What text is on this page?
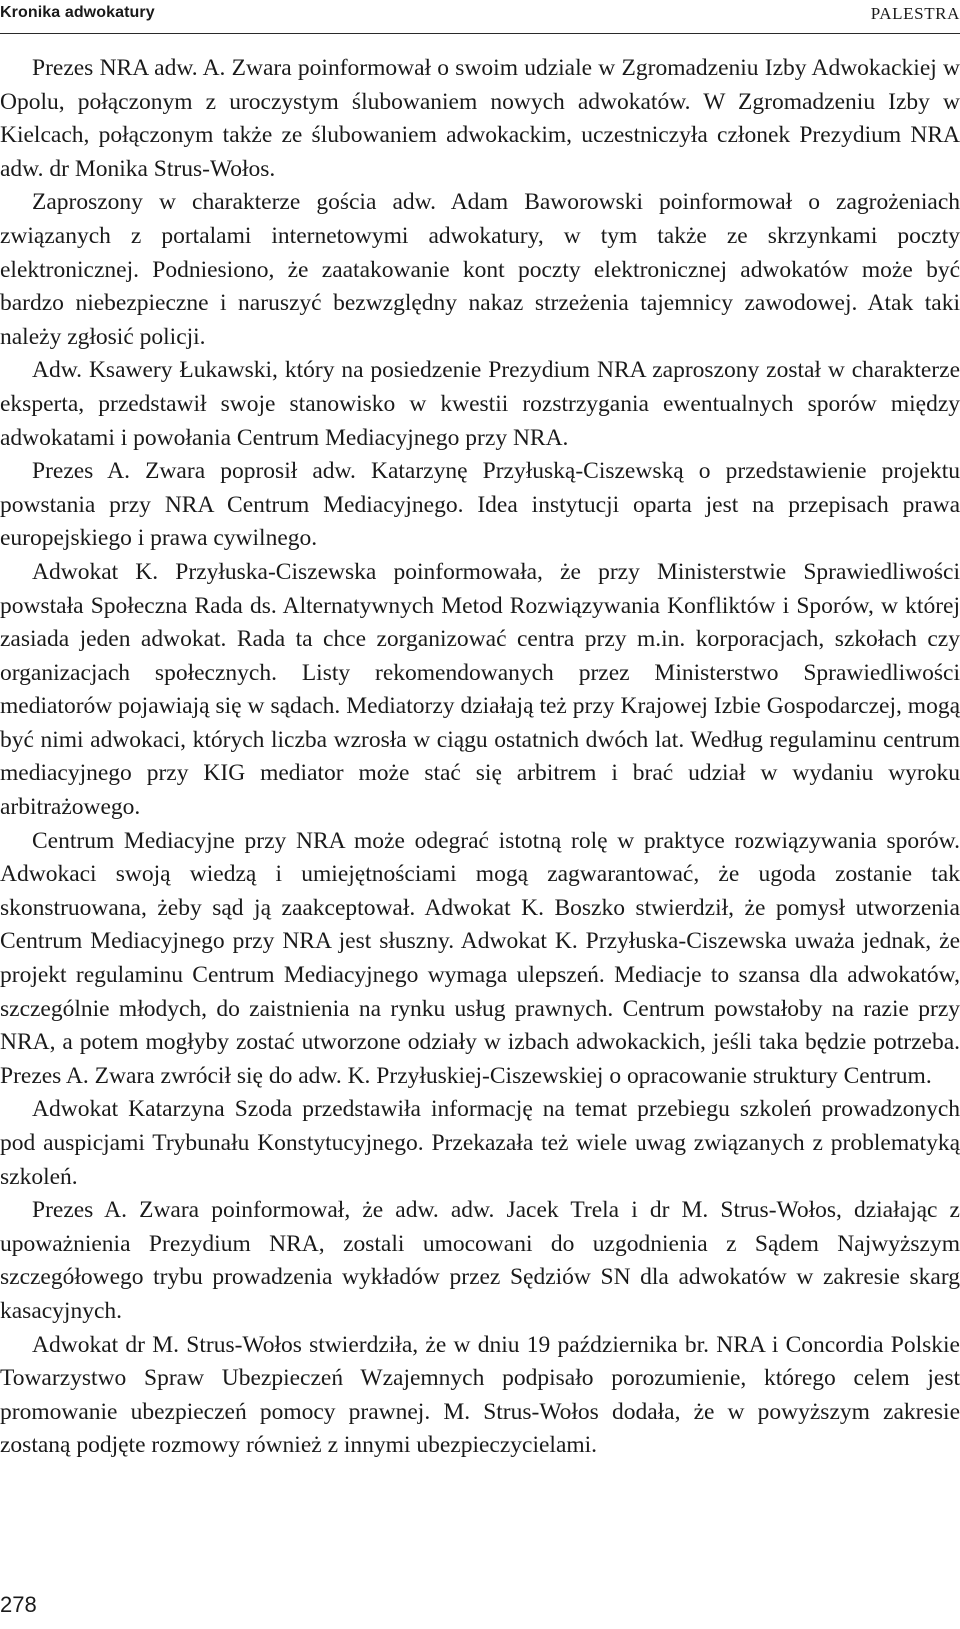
Kronika adwokatury	PALESTRA

Prezes NRA adw. A. Zwara poinformował o swoim udziale w Zgromadzeniu Izby Adwokackiej w Opolu, połączonym z uroczystym ślubowaniem nowych adwokatów. W Zgromadzeniu Izby w Kielcach, połączonym także ze ślubowaniem adwokackim, uczestniczyła członek Prezydium NRA adw. dr Monika Strus-Wołos.

Zaproszony w charakterze gościa adw. Adam Baworowski poinformował o zagrożeniach związanych z portalami internetowymi adwokatury, w tym także ze skrzynkami poczty elektronicznej. Podniesiono, że zaatakowanie kont poczty elektronicznej adwokatów może być bardzo niebezpieczne i naruszyć bezwzględny nakaz strzeżenia tajemnicy zawodowej. Atak taki należy zgłosić policji.

Adw. Ksawery Łukawski, który na posiedzenie Prezydium NRA zaproszony został w charakterze eksperta, przedstawił swoje stanowisko w kwestii rozstrzygania ewentualnych sporów między adwokatami i powołania Centrum Mediacyjnego przy NRA.

Prezes A. Zwara poprosił adw. Katarzynę Przyłuską-Ciszewską o przedstawienie projektu powstania przy NRA Centrum Mediacyjnego. Idea instytucji oparta jest na przepisach prawa europejskiego i prawa cywilnego.

Adwokat K. Przyłuska-Ciszewska poinformowała, że przy Ministerstwie Sprawiedliwości powstała Społeczna Rada ds. Alternatywnych Metod Rozwiązywania Konfliktów i Sporów, w której zasiada jeden adwokat. Rada ta chce zorganizować centra przy m.in. korporacjach, szkołach czy organizacjach społecznych. Listy rekomendowanych przez Ministerstwo Sprawiedliwości mediatorów pojawiają się w sądach. Mediatorzy działają też przy Krajowej Izbie Gospodarczej, mogą być nimi adwokaci, których liczba wzrosła w ciągu ostatnich dwóch lat. Według regulaminu centrum mediacyjnego przy KIG mediator może stać się arbitrem i brać udział w wydaniu wyroku arbitrażowego.

Centrum Mediacyjne przy NRA może odegrać istotną rolę w praktyce rozwiązywania sporów. Adwokaci swoją wiedzą i umiejętnościami mogą zagwarantować, że ugoda zostanie tak skonstruowana, żeby sąd ją zaakceptował. Adwokat K. Boszko stwierdził, że pomysł utworzenia Centrum Mediacyjnego przy NRA jest słuszny. Adwokat K. Przyłuska-Ciszewska uważa jednak, że projekt regulaminu Centrum Mediacyjnego wymaga ulepszeń. Mediacje to szansa dla adwokatów, szczególnie młodych, do zaistnienia na rynku usług prawnych. Centrum powstałoby na razie przy NRA, a potem mogłyby zostać utworzone odziały w izbach adwokackich, jeśli taka będzie potrzeba. Prezes A. Zwara zwrócił się do adw. K. Przyłuskiej-Ciszewskiej o opracowanie struktury Centrum.

Adwokat Katarzyna Szoda przedstawiła informację na temat przebiegu szkoleń prowadzonych pod auspicjami Trybunału Konstytucyjnego. Przekazała też wiele uwag związanych z problematyką szkoleń.

Prezes A. Zwara poinformował, że adw. adw. Jacek Trela i dr M. Strus-Wołos, działając z upoważnienia Prezydium NRA, zostali umocowani do uzgodnienia z Sądem Najwyższym szczegółowego trybu prowadzenia wykładów przez Sędziów SN dla adwokatów w zakresie skarg kasacyjnych.

Adwokat dr M. Strus-Wołos stwierdziła, że w dniu 19 października br. NRA i Concordia Polskie Towarzystwo Spraw Ubezpieczeń Wzajemnych podpisało porozumienie, którego celem jest promowanie ubezpieczeń pomocy prawnej. M. Strus-Wołos dodała, że w powyższym zakresie zostaną podjęte rozmowy również z innymi ubezpieczycielami.

278
